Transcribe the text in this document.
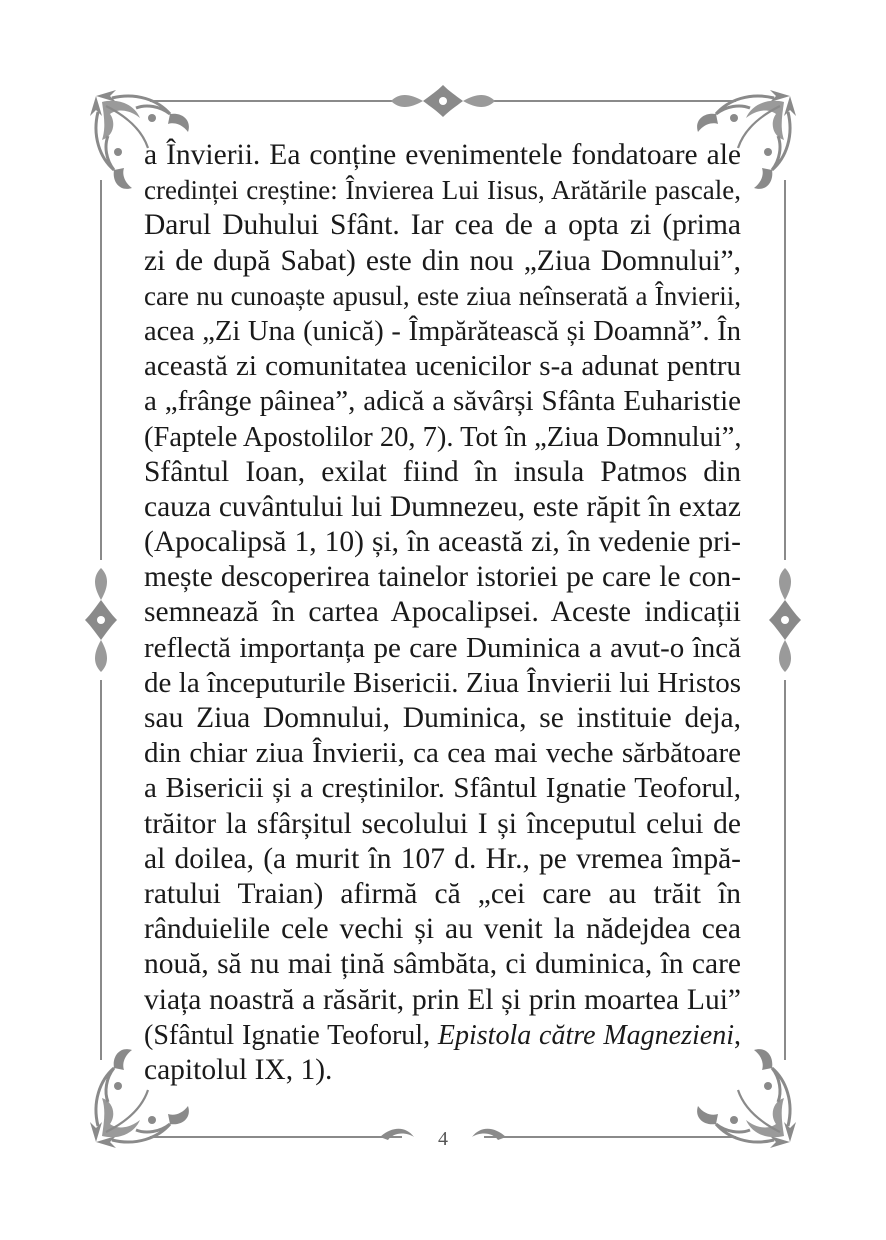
a Învierii. Ea conține evenimentele fondatoare ale
credinței creștine: Învierea Lui Iisus, Arătările pascale,
Darul Duhului Sfânt. Iar cea de a opta zi (prima
zi de după Sabat) este din nou „Ziua Domnului”,
care nu cunoaște apusul, este ziua neînserată a Învierii,
acea „Zi Una (unică) - Împărătească și Doamnă”. În
această zi comunitatea ucenicilor s-a adunat pentru
a „frânge pâinea”, adică a săvârși Sfânta Euharistie
(Faptele Apostolilor 20, 7). Tot în „Ziua Domnului”,
Sfântul Ioan, exilat fiind în insula Patmos din
cauza cuvântului lui Dumnezeu, este răpit în extaz
(Apocalipsă 1, 10) și, în această zi, în vedenie pri-
mește descoperirea tainelor istoriei pe care le con-
semnează în cartea Apocalipsei. Aceste indicații
reflectă importanța pe care Duminica a avut-o încă
de la începuturile Bisericii. Ziua Învierii lui Hristos
sau Ziua Domnului, Duminica, se instituie deja,
din chiar ziua Învierii, ca cea mai veche sărbătoare
a Bisericii și a creștinilor. Sfântul Ignatie Teoforul,
trăitor la sfârșitul secolului I și începutul celui de
al doilea, (a murit în 107 d. Hr., pe vremea împă-
ratului Traian) afirmă că „cei care au trăit în
rânduielile cele vechi și au venit la nădejdea cea
nouă, să nu mai țină sâmbăta, ci duminica, în care
viața noastră a răsărit, prin El și prin moartea Lui”
(Sfântul Ignatie Teoforul, Epistola către Magnezieni,
capitolul IX, 1).
4
